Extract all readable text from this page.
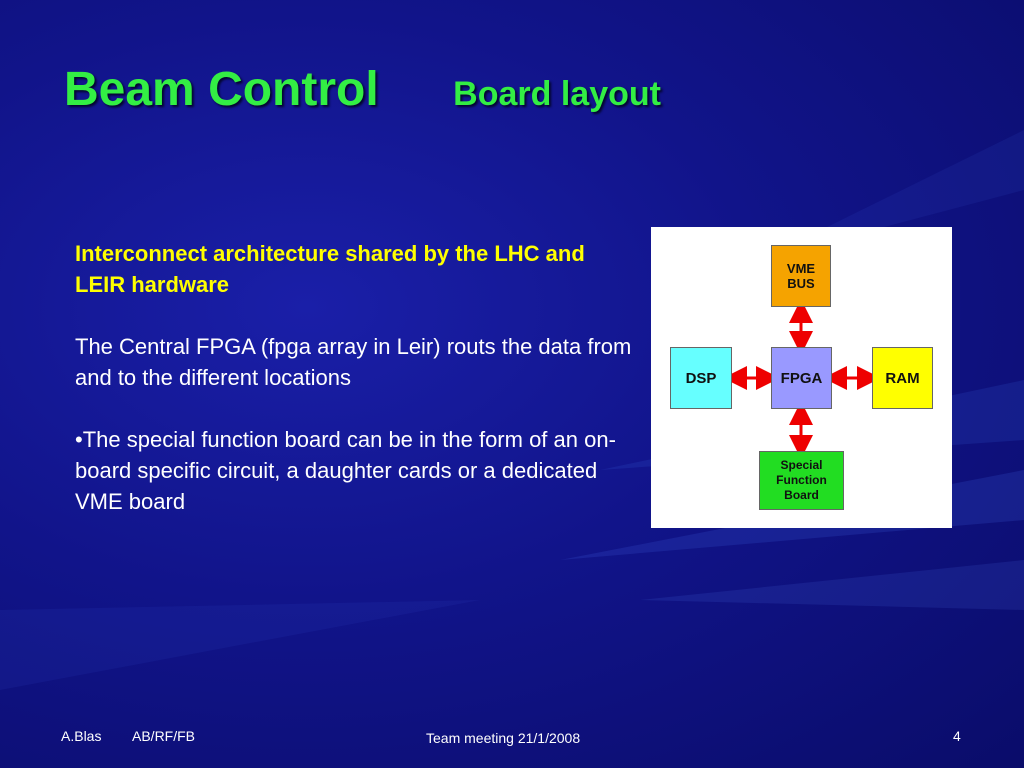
Beam Control Board layout

Interconnect architecture shared by the LHC and LEIR hardware

The Central FPGA (fpga array in Leir) routs the data from and to the different locations

•The special function board can be in the form of an on-board specific circuit, a daughter cards or a dedicated VME board

VME
BUS
DSP	FPGA	RAM
Special
Function
Board
A.Blas AB/RF/FB	Team meeting 21/1/2008	4
